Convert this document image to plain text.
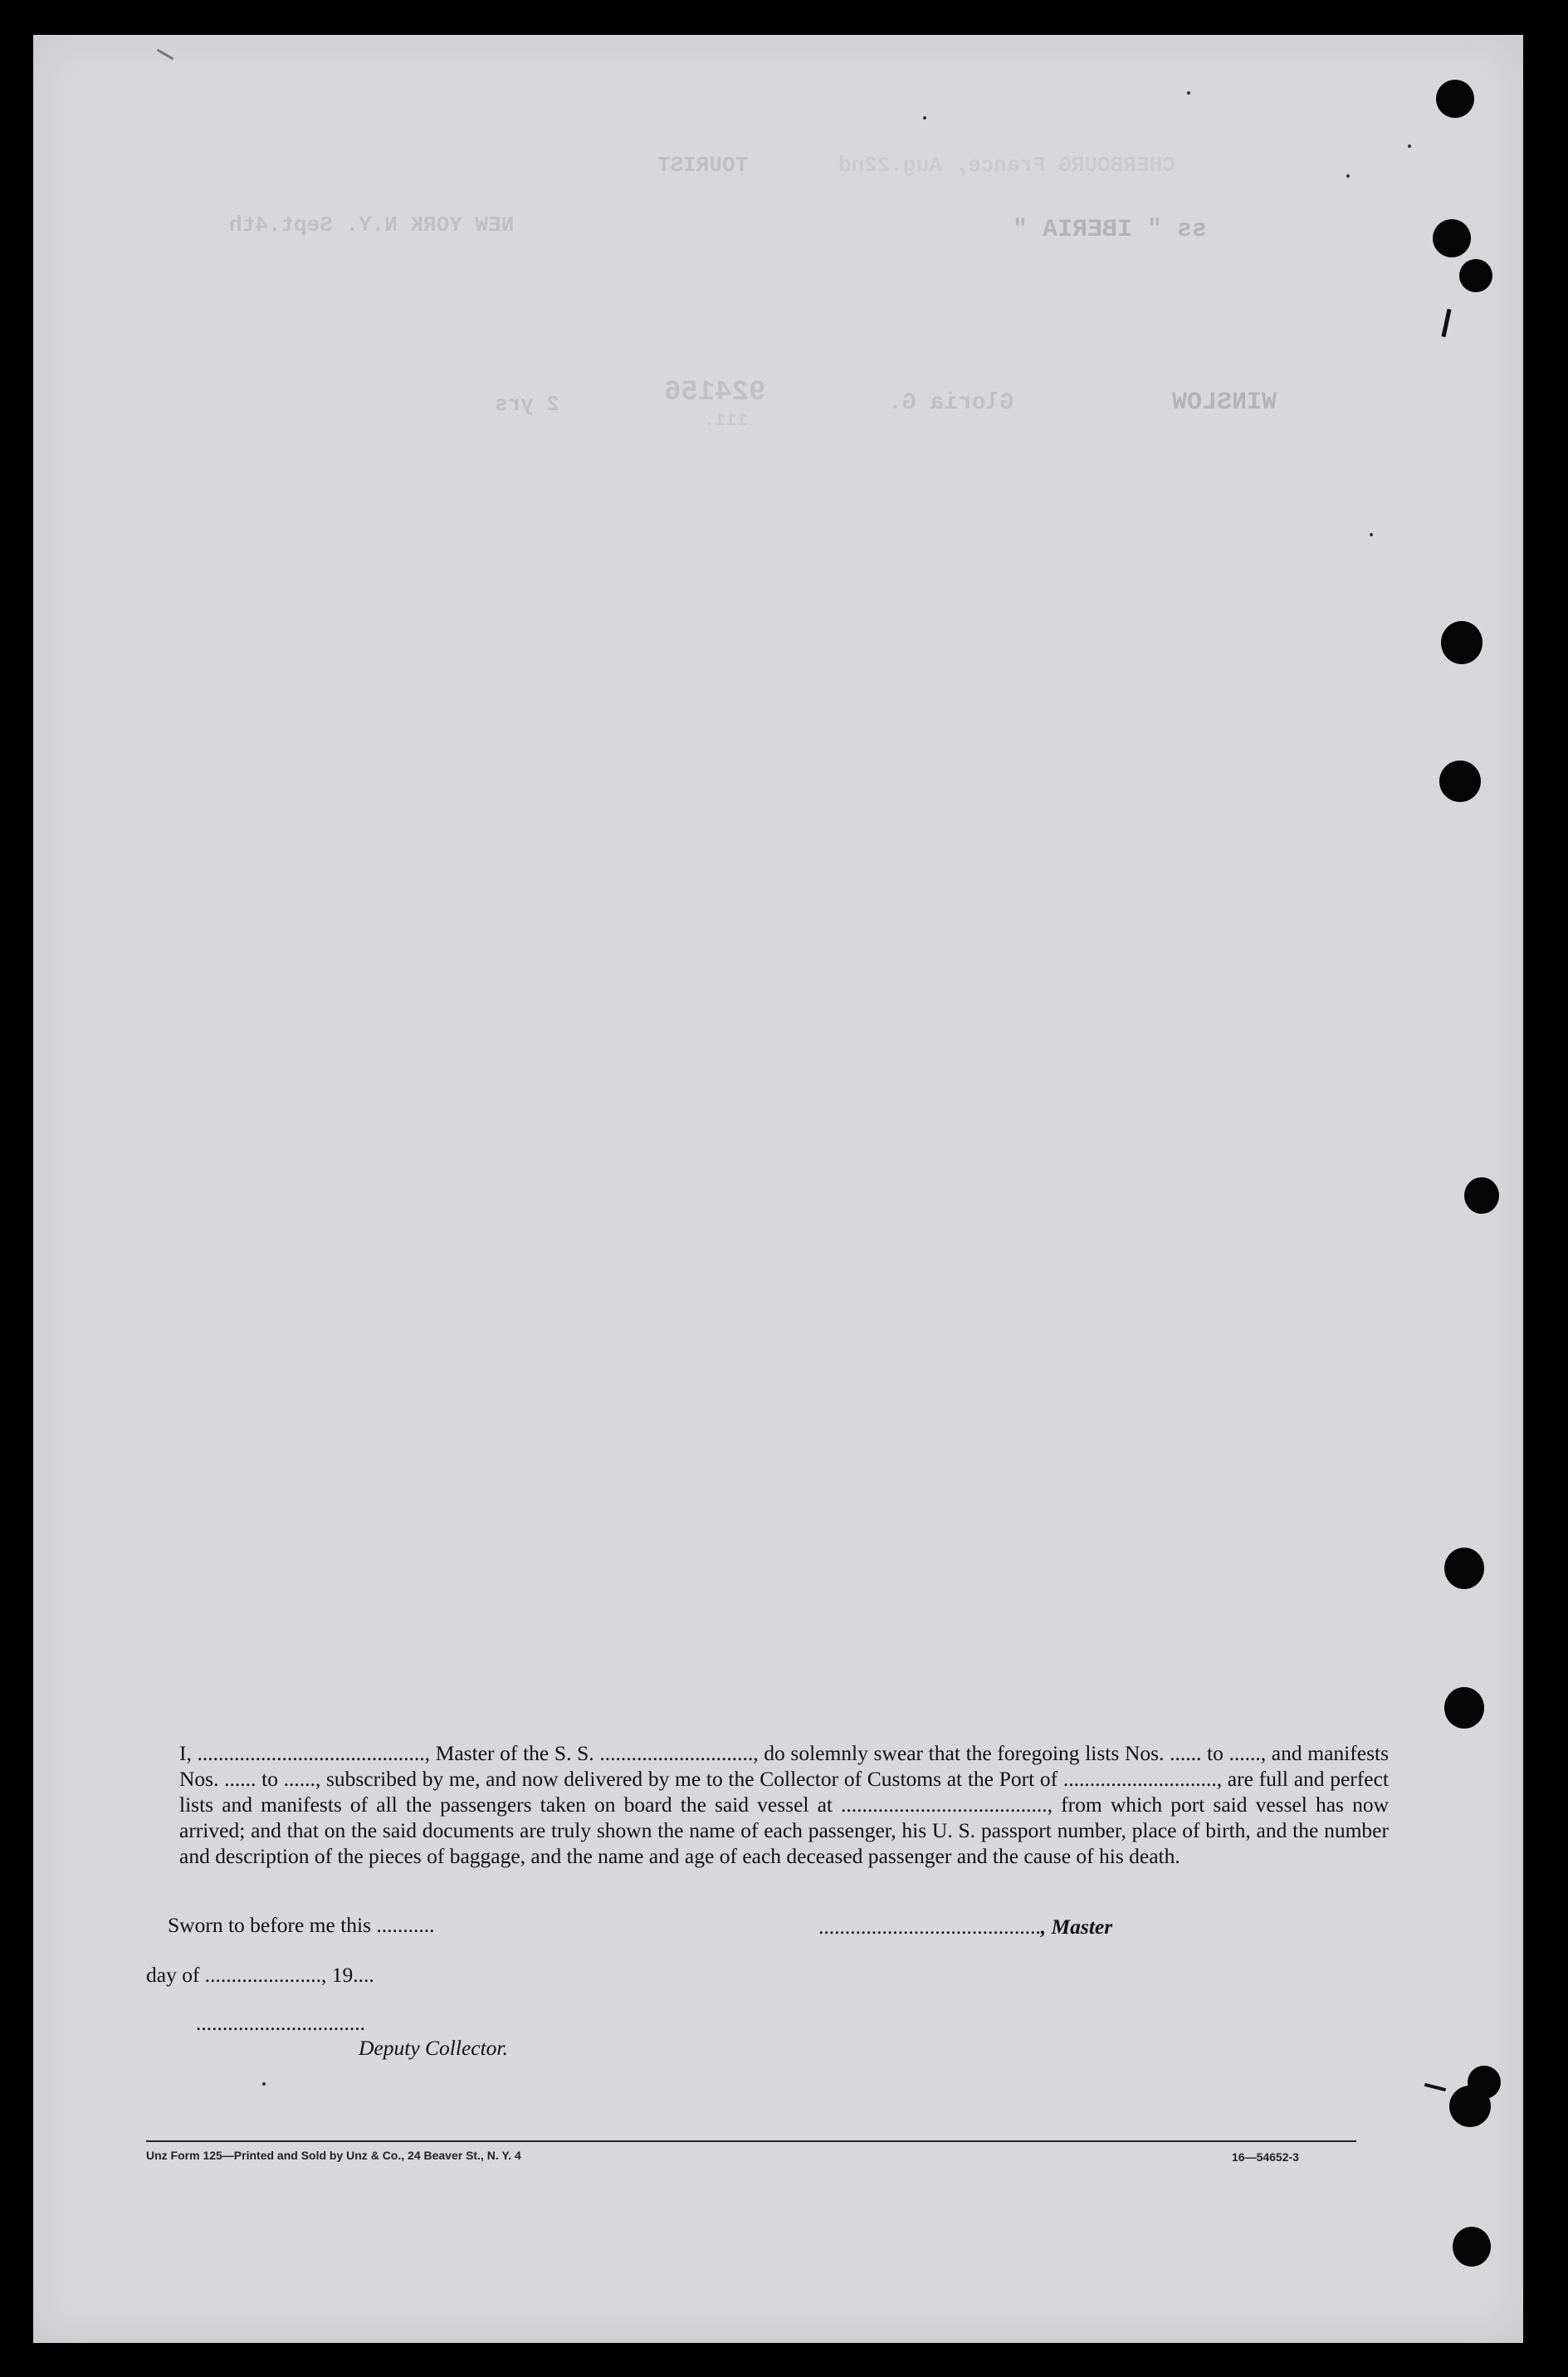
TOURIST	CHERBOURG France, Aug.22nd
NEW YORK N.Y. Sept.4th	ss " IBERIA "
WINSLOW
Gloria G.
924156
111.
2 yrs

I, ..........................................., Master of the S. S. ............................., do solemnly swear that the foregoing lists Nos. ...... to ......, and manifests Nos. ...... to ......, subscribed by me, and now delivered by me to the Collector of Customs at the Port of ............................., are full and perfect lists and manifests of all the passengers taken on board the said vessel at ......................................., from which port said vessel has now arrived; and that on the said documents are truly shown the name of each passenger, his U. S. passport number, place of birth, and the number and description of the pieces of baggage, and the name and age of each deceased passenger and the cause of his death.

Sworn to before me this ...........	.........................................., Master
day of ......................, 19....
................................
Deputy Collector.
Unz Form 125—Printed and Sold by Unz & Co., 24 Beaver St., N. Y. 4	16—54652-3
